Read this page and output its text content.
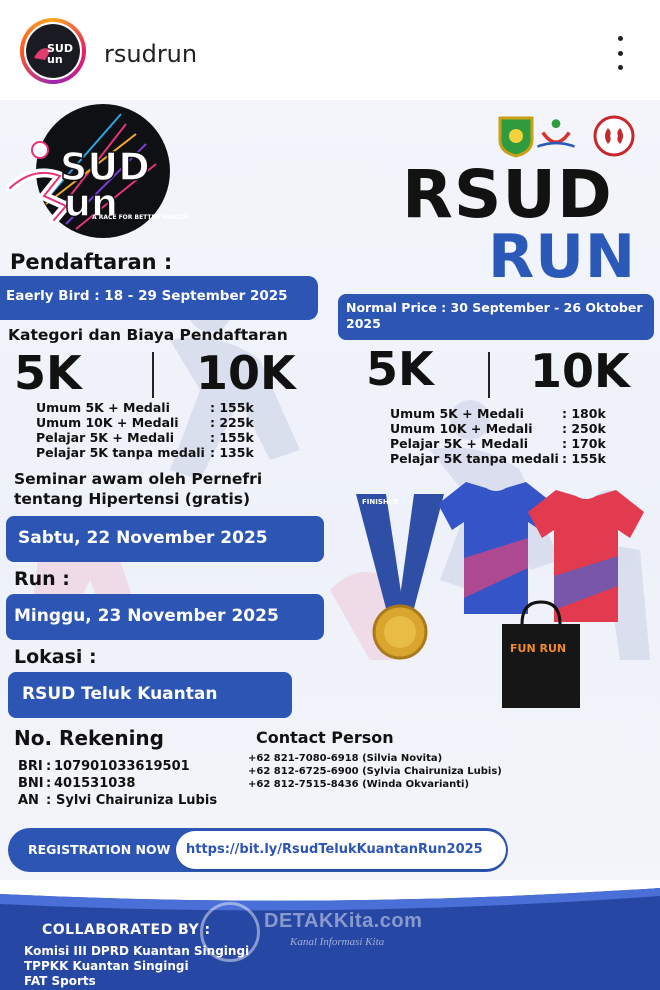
SUD
un rsudrun
SUD
un
A RACE FOR BETTER HEALTH	RSUD
RUN
Pendaftaran :
Eaerly Bird : 18 - 29 September 2025
Normal Price : 30 September - 26 Oktober 2025
Kategori dan Biaya Pendaftaran
5K 10K 5K 10K
Umum 5K + Medali	: 155k
Umum 10K + Medali	: 225k
Pelajar 5K + Medali	: 155k
Pelajar 5K tanpa medali : 135k
Umum 5K + Medali	: 180k
Umum 10K + Medali	: 250k
Pelajar 5K + Medali	: 170k
Pelajar 5K tanpa medali : 155k
Seminar awam oleh Pernefri
tentang Hipertensi (gratis)
Sabtu, 22 November 2025
Run :
Minggu, 23 November 2025
Lokasi :
RSUD Teluk Kuantan
No. Rekening
BRI : 107901033619501
BNI : 401531038
AN : Sylvi Chairuniza Lubis
Contact Person
+62 821-7080-6918 (Silvia Novita)
+62 812-6725-6900 (Sylvia Chairuniza Lubis)
+62 812-7515-8436 (Winda Okvarianti)
FINISHER
FUN RUN
REGISTRATION NOW https://bit.ly/RsudTelukKuantanRun2025
DETAKKita.com
Kanal Informasi Kita
COLLABORATED BY :
Komisi III DPRD Kuantan Singingi
TPPKK Kuantan Singingi
FAT Sports
